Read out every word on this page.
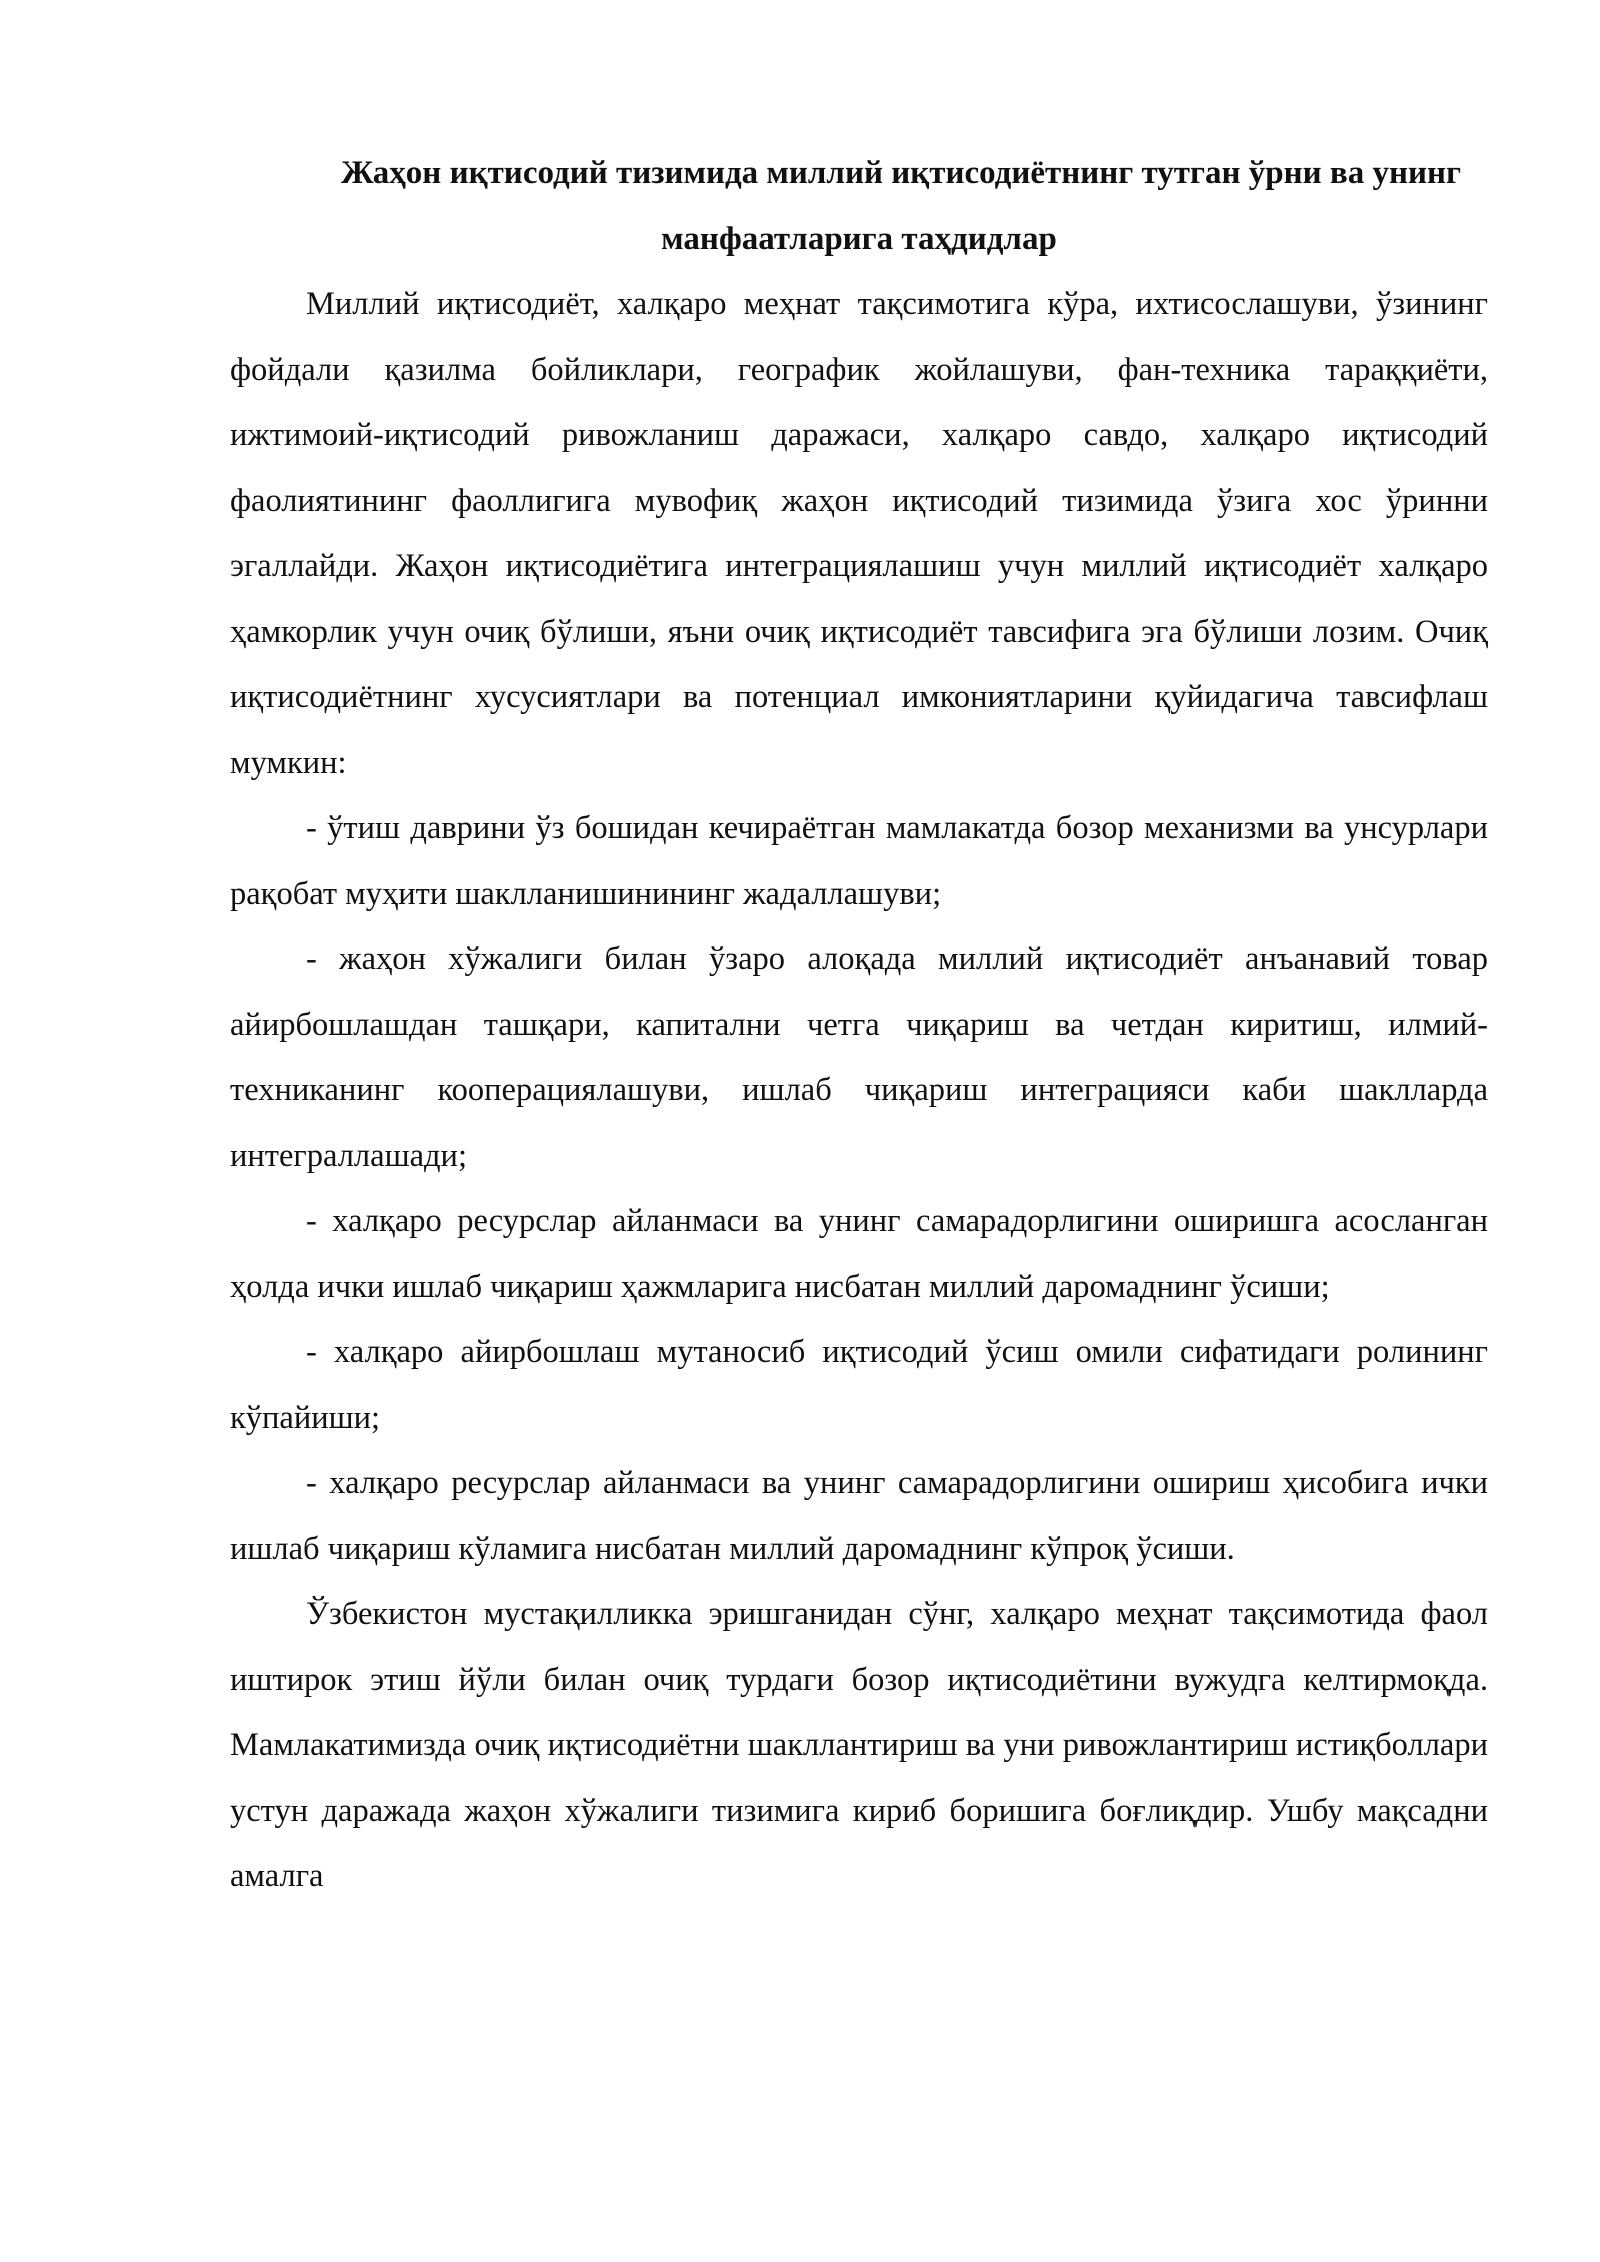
Жаҳон иқтисодий тизимида миллий иқтисодиётнинг тутган ўрни ва унинг манфаатларига таҳдидлар

Миллий иқтисодиёт, халқаро меҳнат тақсимотига кўра, ихтисослашуви, ўзининг фойдали қазилма бойликлари, географик жойлашуви, фан-техника тараққиёти, ижтимоий-иқтисодий ривожланиш даражаси, халқаро савдо, халқаро иқтисодий фаолиятининг фаоллигига мувофиқ жаҳон иқтисодий тизимида ўзига хос ўринни эгаллайди. Жаҳон иқтисодиётига интеграциялашиш учун миллий иқтисодиёт халқаро ҳамкорлик учун очиқ бўлиши, яъни очиқ иқтисодиёт тавсифига эга бўлиши лозим. Очиқ иқтисодиётнинг хусусиятлари ва потенциал имкониятларини қуйидагича тавсифлаш мумкин:

- ўтиш даврини ўз бошидан кечираётган мамлакатда бозор механизми ва унсурлари рақобат муҳити шаклланишинининг жадаллашуви;

- жаҳон хўжалиги билан ўзаро алоқада миллий иқтисодиёт анъанавий товар айирбошлашдан ташқари, капитални четга чиқариш ва четдан киритиш, илмий-техниканинг кооперациялашуви, ишлаб чиқариш интеграцияси каби шаклларда интеграллашади;

- халқаро ресурслар айланмаси ва унинг самарадорлигини оширишга асосланган ҳолда ички ишлаб чиқариш ҳажмларига нисбатан миллий даромаднинг ўсиши;

- халқаро айирбошлаш мутаносиб иқтисодий ўсиш омили сифатидаги ролининг кўпайиши;

- халқаро ресурслар айланмаси ва унинг самарадорлигини ошириш ҳисобига ички ишлаб чиқариш кўламига нисбатан миллий даромаднинг кўпроқ ўсиши.

Ўзбекистон мустақилликка эришганидан сўнг, халқаро меҳнат тақсимотида фаол иштирок этиш йўли билан очиқ турдаги бозор иқтисодиётини вужудга келтирмоқда. Мамлакатимизда очиқ иқтисодиётни шакллантириш ва уни ривожлантириш истиқболлари устун даражада жаҳон хўжалиги тизимига кириб боришига боғлиқдир. Ушбу мақсадни амалга
